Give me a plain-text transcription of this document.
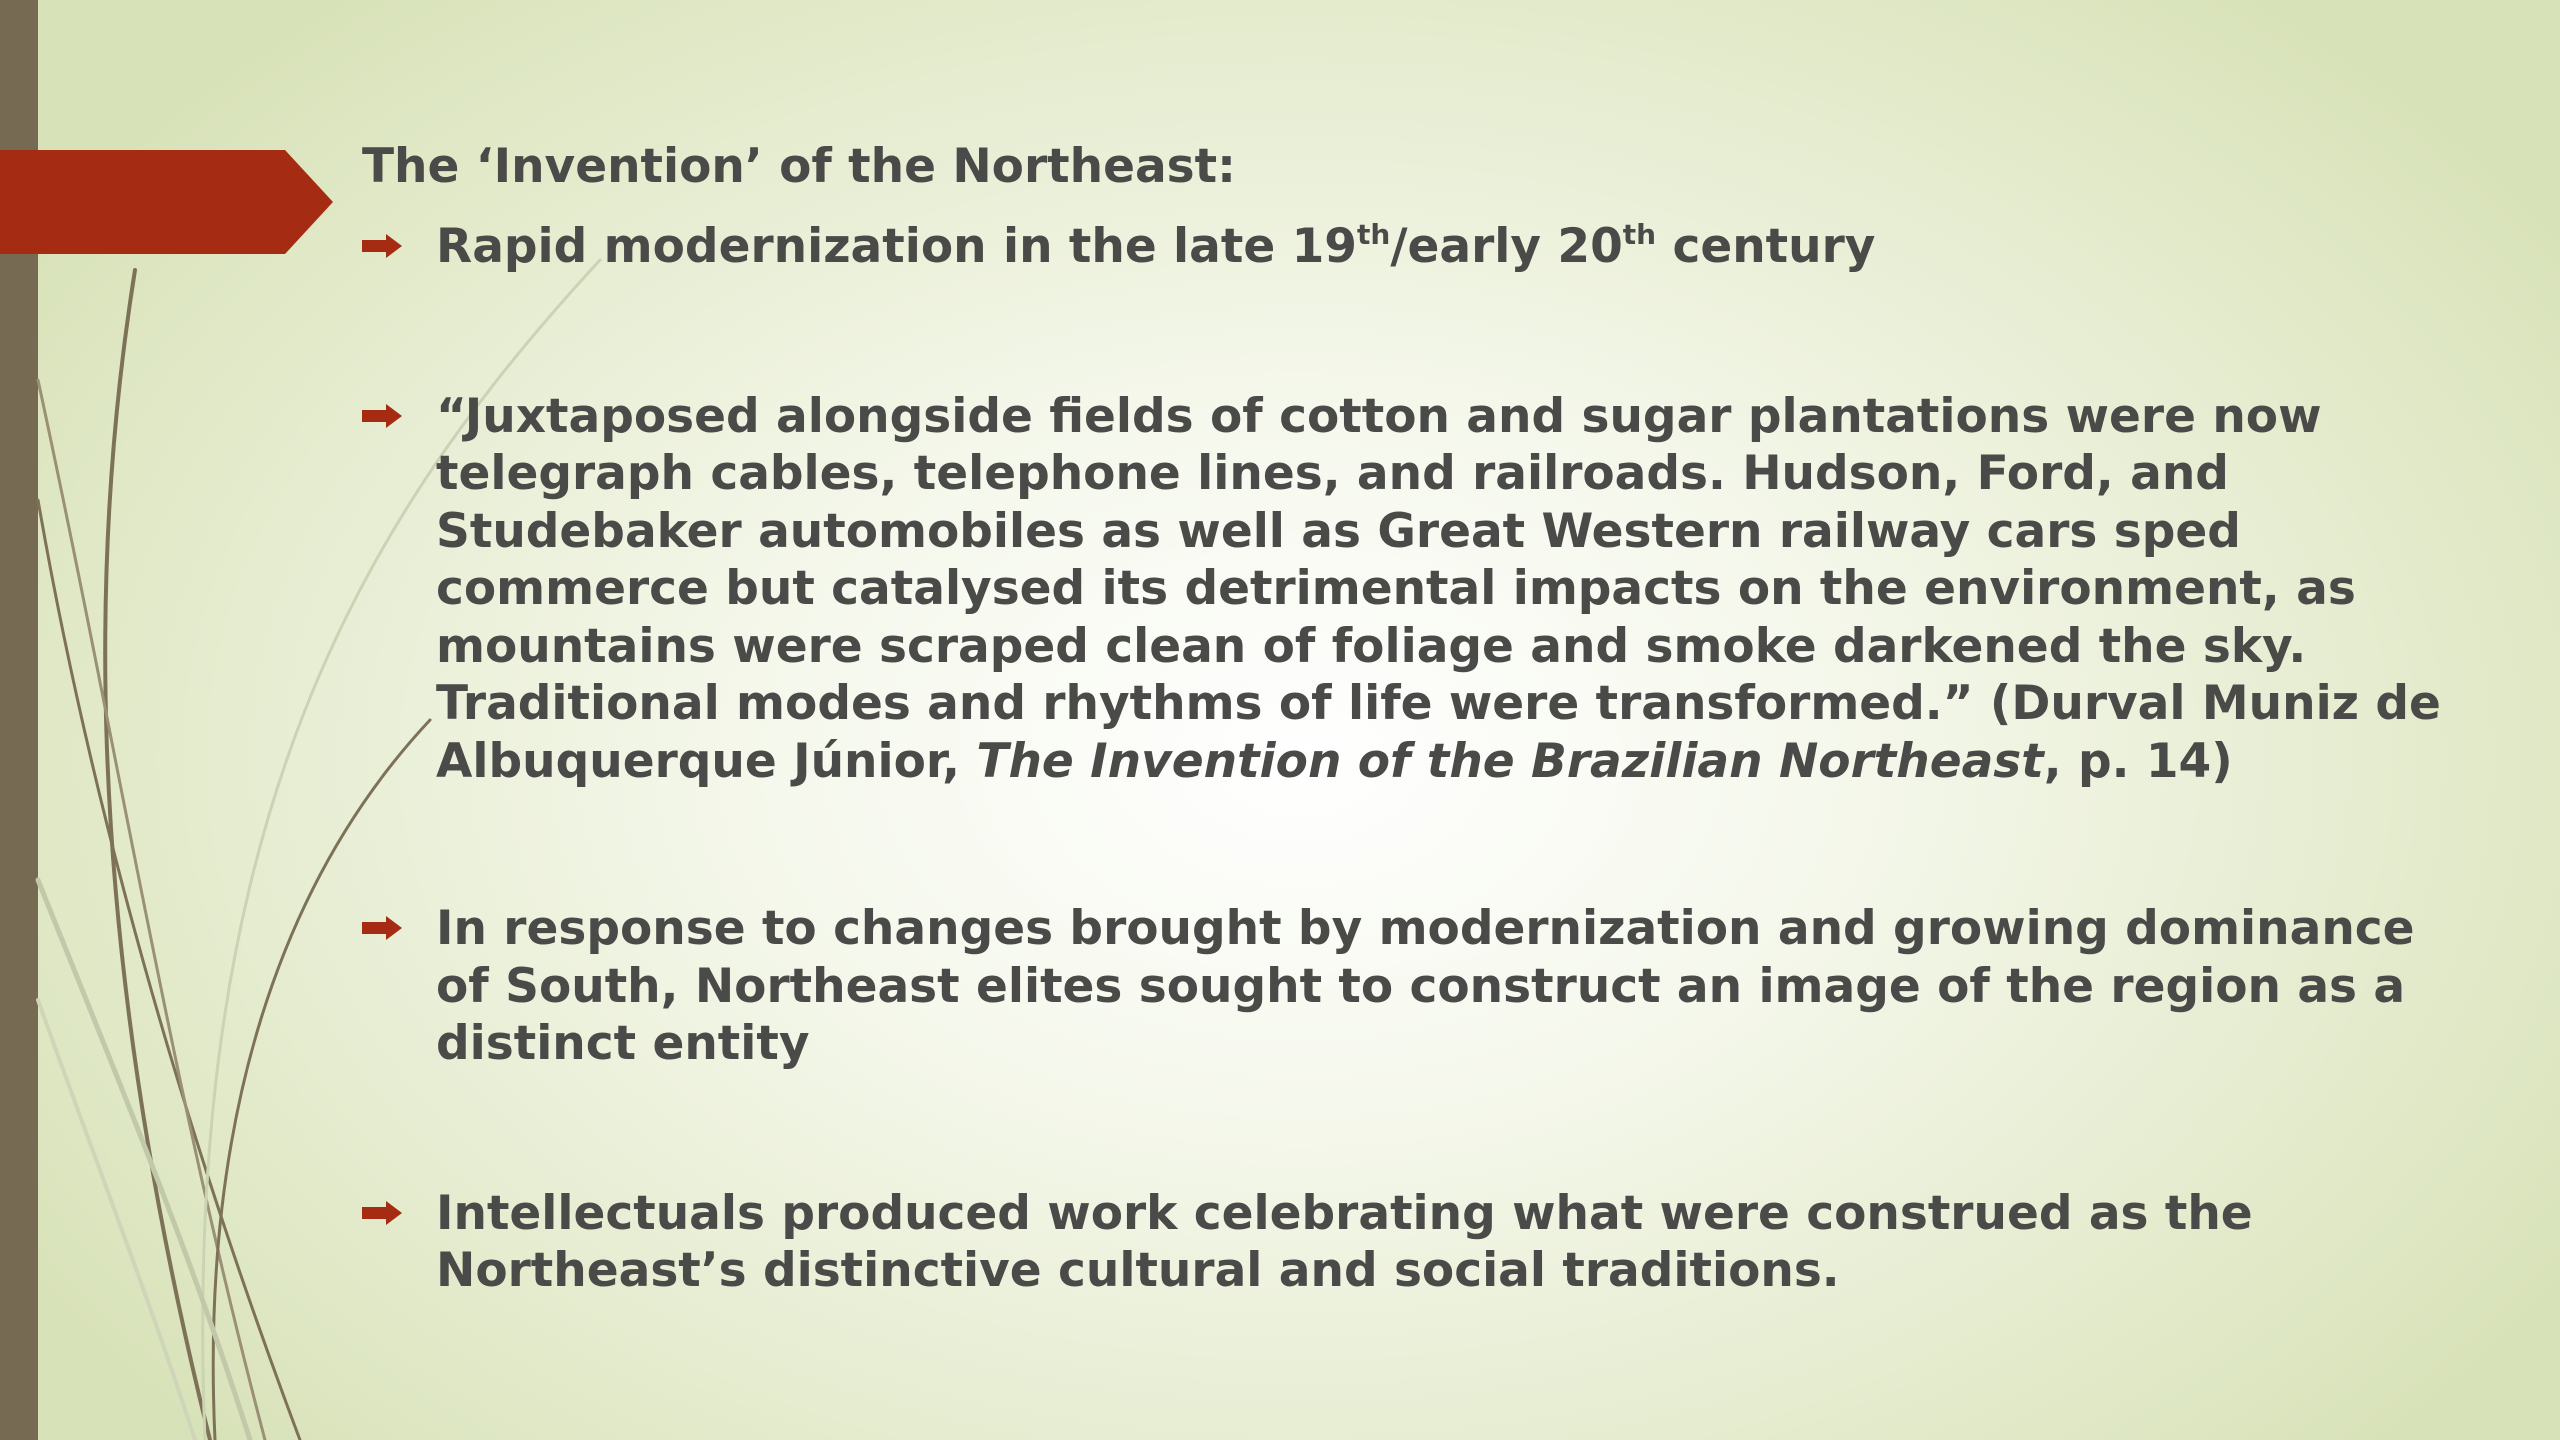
The ‘Invention’ of the Northeast:
Rapid modernization in the late 19th/early 20th century
“Juxtaposed alongside fields of cotton and sugar plantations were now telegraph cables, telephone lines, and railroads. Hudson, Ford, and Studebaker automobiles as well as Great Western railway cars sped commerce but catalysed its detrimental impacts on the environment, as mountains were scraped clean of foliage and smoke darkened the sky. Traditional modes and rhythms of life were transformed.” (Durval Muniz de Albuquerque Júnior, The Invention of the Brazilian Northeast, p. 14)
In response to changes brought by modernization and growing dominance of South, Northeast elites sought to construct an image of the region as a distinct entity
Intellectuals produced work celebrating what were construed as the Northeast’s distinctive cultural and social traditions.
